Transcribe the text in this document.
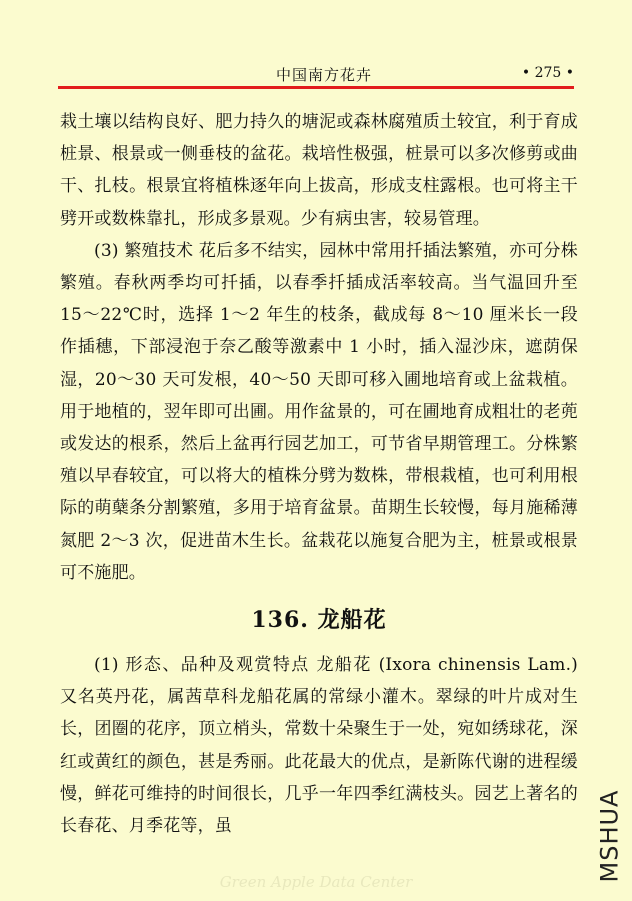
中国南方花卉	• 275 •

栽土壤以结构良好、肥力持久的塘泥或森林腐殖质土较宜，利于育成桩景、根景或一侧垂枝的盆花。栽培性极强，桩景可以多次修剪或曲干、扎枝。根景宜将植株逐年向上拔高，形成支柱露根。也可将主干劈开或数株靠扎，形成多景观。少有病虫害，较易管理。

(3) 繁殖技术 花后多不结实，园林中常用扦插法繁殖，亦可分株繁殖。春秋两季均可扦插，以春季扦插成活率较高。当气温回升至 15～22℃时，选择 1～2 年生的枝条，截成每 8～10 厘米长一段作插穗，下部浸泡于奈乙酸等激素中 1 小时，插入湿沙床，遮荫保湿，20～30 天可发根，40～50 天即可移入圃地培育或上盆栽植。用于地植的，翌年即可出圃。用作盆景的，可在圃地育成粗壮的老蔸或发达的根系，然后上盆再行园艺加工，可节省早期管理工。分株繁殖以早春较宜，可以将大的植株分劈为数株，带根栽植，也可利用根际的萌蘖条分割繁殖，多用于培育盆景。苗期生长较慢，每月施稀薄氮肥 2～3 次，促进苗木生长。盆栽花以施复合肥为主，桩景或根景可不施肥。

136. 龙船花

(1) 形态、品种及观赏特点 龙船花 (Ixora chinensis Lam.) 又名英丹花，属茜草科龙船花属的常绿小灌木。翠绿的叶片成对生长，团圈的花序，顶立梢头，常数十朵聚生于一处，宛如绣球花，深红或黄红的颜色，甚是秀丽。此花最大的优点，是新陈代谢的进程缓慢，鲜花可维持的时间很长，几乎一年四季红满枝头。园艺上著名的长春花、月季花等，虽

Green Apple Data Center	MSHUA
